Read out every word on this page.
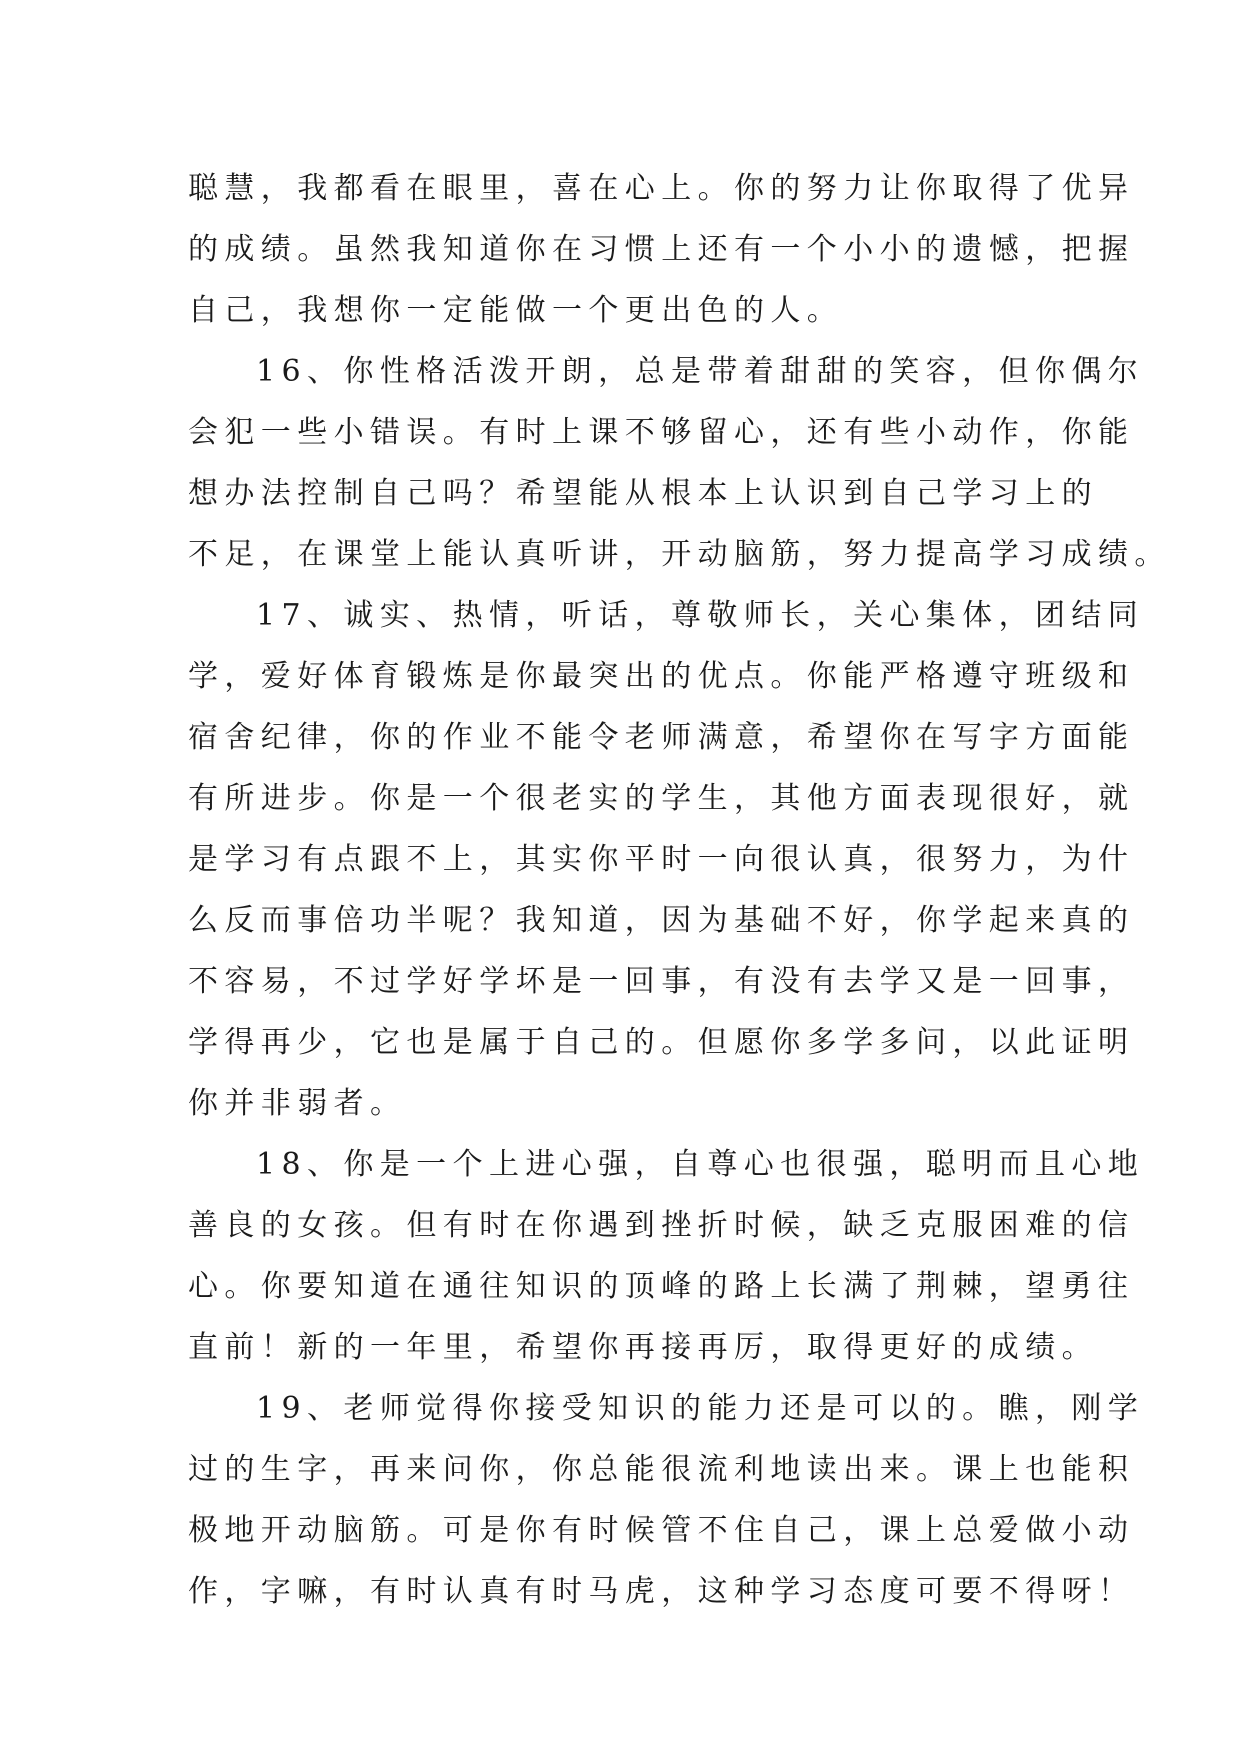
聪慧，我都看在眼里，喜在心上。你的努力让你取得了优异

的成绩。虽然我知道你在习惯上还有一个小小的遗憾，把握

自己，我想你一定能做一个更出色的人。

16、你性格活泼开朗，总是带着甜甜的笑容，但你偶尔

会犯一些小错误。有时上课不够留心，还有些小动作，你能

想办法控制自己吗？希望能从根本上认识到自己学习上的

不足，在课堂上能认真听讲，开动脑筋，努力提高学习成绩。

17、诚实、热情，听话，尊敬师长，关心集体，团结同

学，爱好体育锻炼是你最突出的优点。你能严格遵守班级和

宿舍纪律，你的作业不能令老师满意，希望你在写字方面能

有所进步。你是一个很老实的学生，其他方面表现很好，就

是学习有点跟不上，其实你平时一向很认真，很努力，为什

么反而事倍功半呢？我知道，因为基础不好，你学起来真的

不容易，不过学好学坏是一回事，有没有去学又是一回事，

学得再少，它也是属于自己的。但愿你多学多问，以此证明

你并非弱者。

18、你是一个上进心强，自尊心也很强，聪明而且心地

善良的女孩。但有时在你遇到挫折时候，缺乏克服困难的信

心。你要知道在通往知识的顶峰的路上长满了荆棘，望勇往

直前！新的一年里，希望你再接再厉，取得更好的成绩。

19、老师觉得你接受知识的能力还是可以的。瞧，刚学

过的生字，再来问你，你总能很流利地读出来。课上也能积

极地开动脑筋。可是你有时候管不住自己，课上总爱做小动

作，字嘛，有时认真有时马虎，这种学习态度可要不得呀！
